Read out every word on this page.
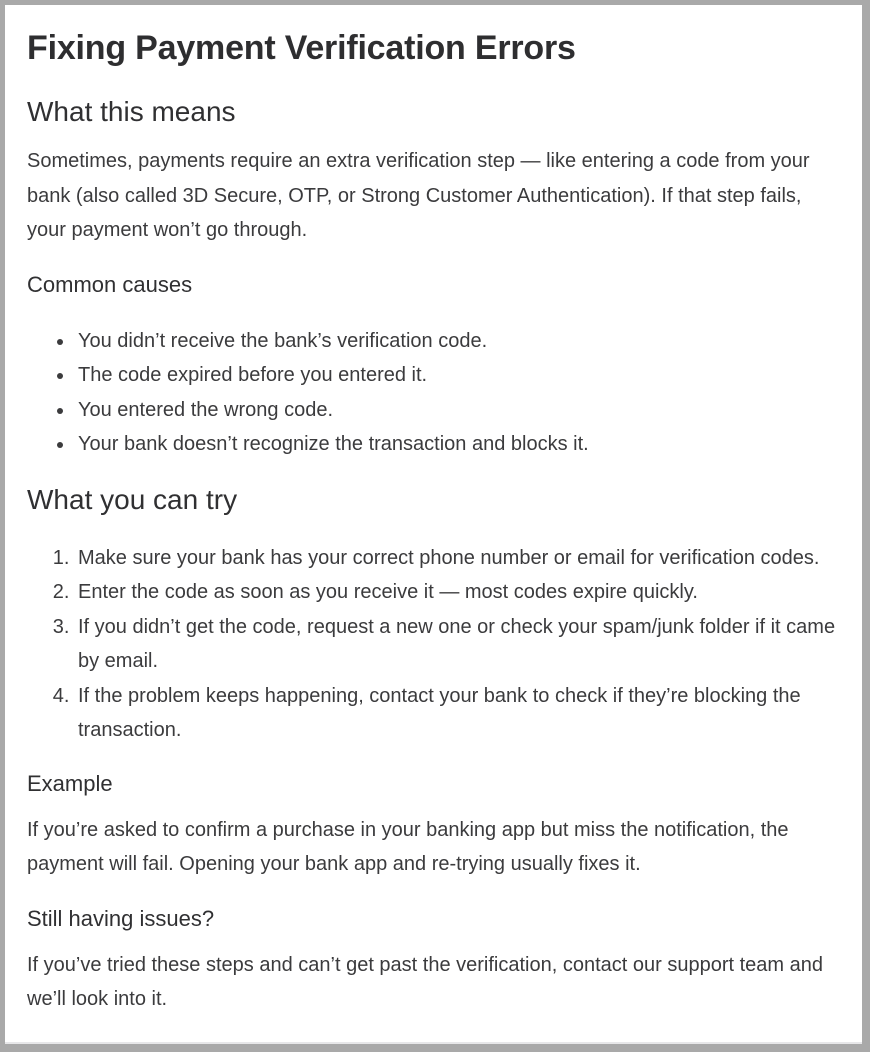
Fixing Payment Verification Errors
What this means

Sometimes, payments require an extra verification step — like entering a code from your bank (also called 3D Secure, OTP, or Strong Customer Authentication). If that step fails, your payment won’t go through.

Common causes
• You didn’t receive the bank’s verification code.
• The code expired before you entered it.
• You entered the wrong code.
• Your bank doesn’t recognize the transaction and blocks it.
What you can try
1. Make sure your bank has your correct phone number or email for verification codes.
2. Enter the code as soon as you receive it — most codes expire quickly.
3. If you didn’t get the code, request a new one or check your spam/junk folder if it came by email.
4. If the problem keeps happening, contact your bank to check if they’re blocking the transaction.
Example

If you’re asked to confirm a purchase in your banking app but miss the notification, the payment will fail. Opening your bank app and re-trying usually fixes it.

Still having issues?

If you’ve tried these steps and can’t get past the verification, contact our support team and we’ll look into it.
